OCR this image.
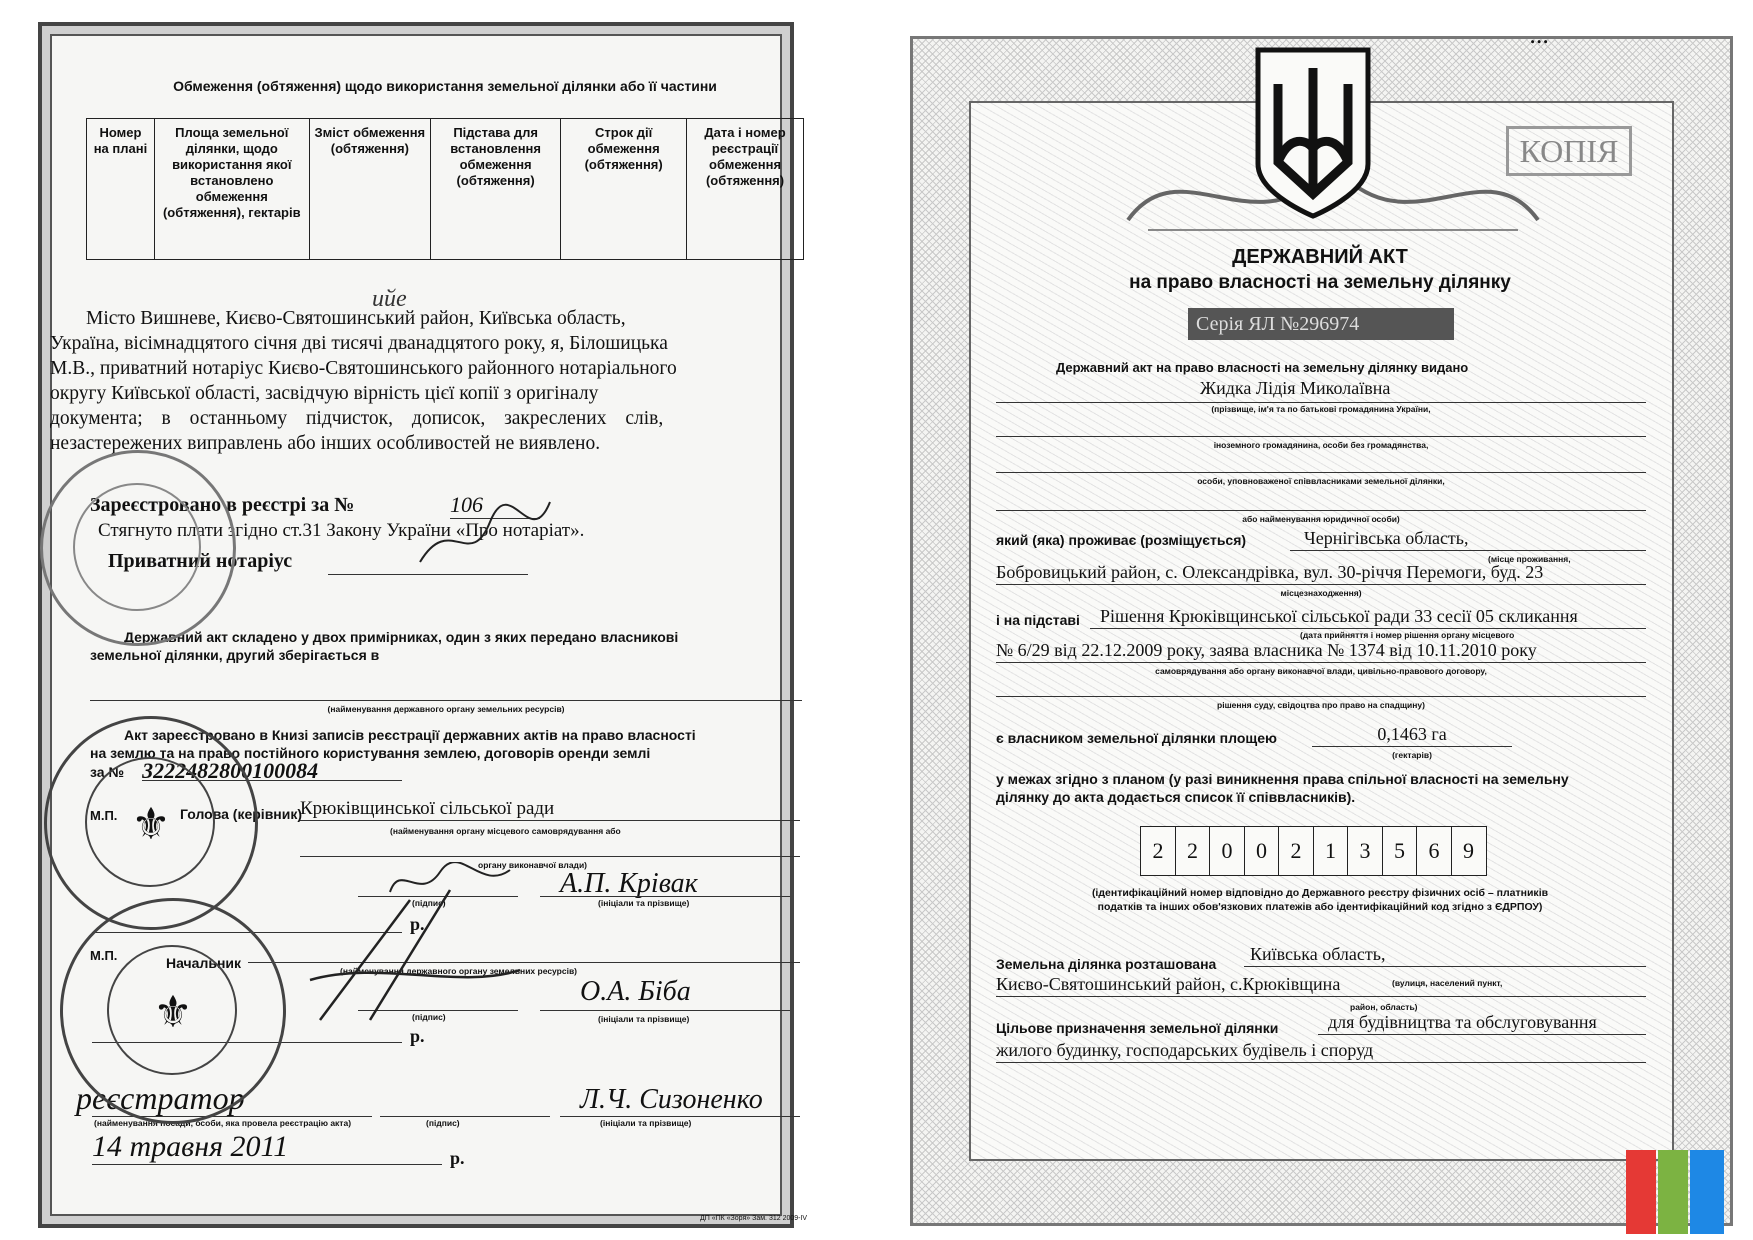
Обмеження (обтяження) щодо використання земельної ділянки або її частини
Номер на плані	Площа земельної ділянки, щодо використання якої встановлено обмеження (обтяження), гектарів	Зміст обмеження (обтяження)	Підстава для встановлення обмеження (обтяження)	Строк дії обмеження (обтяження)	Дата і номер реєстрації обмеження (обтяження)
ийе
Місто Вишневе, Києво-Святошинський район, Київська область,
Україна, вісімнадцятого січня дві тисячі дванадцятого року, я, Білошицька
М.В., приватний нотаріус Києво-Святошинського районного нотаріального
округу Київської області, засвідчую вірність цієї копії з оригіналу
документа; в останньому підчисток, дописок, закреслених слів,
незастережених виправлень або інших особливостей не виявлено.
Зареєстровано в реєстрі за №	106
Стягнуто плати згідно ст.31 Закону України «Про нотаріат».
Приватний нотаріус
Державний акт складено у двох примірниках, один з яких передано власникові
земельної ділянки, другий зберігається в
(найменування державного органу земельних ресурсів)
Акт зареєстровано в Книзі записів реєстрації державних актів на право власності
на землю та на право постійного користування землею, договорів оренди землі
за № 3222482800100084
М.П.	Голова (керівник)
Крюківщинської сільської ради
(найменування органу місцевого самоврядування або
органу виконавчої влади)
(підпис)
А.П. Крівак
(ініціали та прізвище)
р.
М.П.	Начальник	(найменування державного органу земельних ресурсів)
(підпис)
О.А. Біба
(ініціали та прізвище)
р.
реєстратор
(найменування посади, особи, яка провела реєстрацію акта)	(підпис)
Л.Ч. Сизоненко
(ініціали та прізвище)
14 травня 2011	р.
ДП «ПК «Зоря» Зам. 312 2009-IV
⚜
⚜
...
КОПІЯ
ДЕРЖАВНИЙ АКТ
на право власності на земельну ділянку
Серія ЯЛ №296974
Державний акт на право власності на земельну ділянку видано
Жидка Лідія Миколаївна
(прізвище, ім'я та по батькові громадянина України,
іноземного громадянина, особи без громадянства,
особи, уповноваженої співвласниками земельної ділянки,
або найменування юридичної особи)
який (яка) проживає (розміщується)	Чернігівська область,
(місце проживання,
Бобровицький район, с. Олександрівка, вул. 30-річчя Перемоги, буд. 23
місцезнаходження)
і на підставі Рішення Крюківщинської сільської ради 33 сесії 05 скликання
(дата прийняття і номер рішення органу місцевого
№ 6/29 від 22.12.2009 року, заява власника № 1374 від 10.11.2010 року
самоврядування або органу виконавчої влади, цивільно-правового договору,
рішення суду, свідоцтва про право на спадщину)
є власником земельної ділянки площею	0,1463 га
(гектарів)
у межах згідно з планом (у разі виникнення права спільної власності на земельну
ділянку до акта додається список її співвласників).
2 2 0 0 2 1 3 5 6 9
(ідентифікаційний номер відповідно до Державного реєстру фізичних осіб – платників
податків та інших обов'язкових платежів або ідентифікаційний код згідно з ЄДРПОУ)
Земельна ділянка розташована Київська область,
Києво-Святошинський район, с.Крюківщина	(вулиця, населений пункт,
район, область)
Цільове призначення земельної ділянки	для будівництва та обслуговування
жилого будинку, господарських будівель і споруд
